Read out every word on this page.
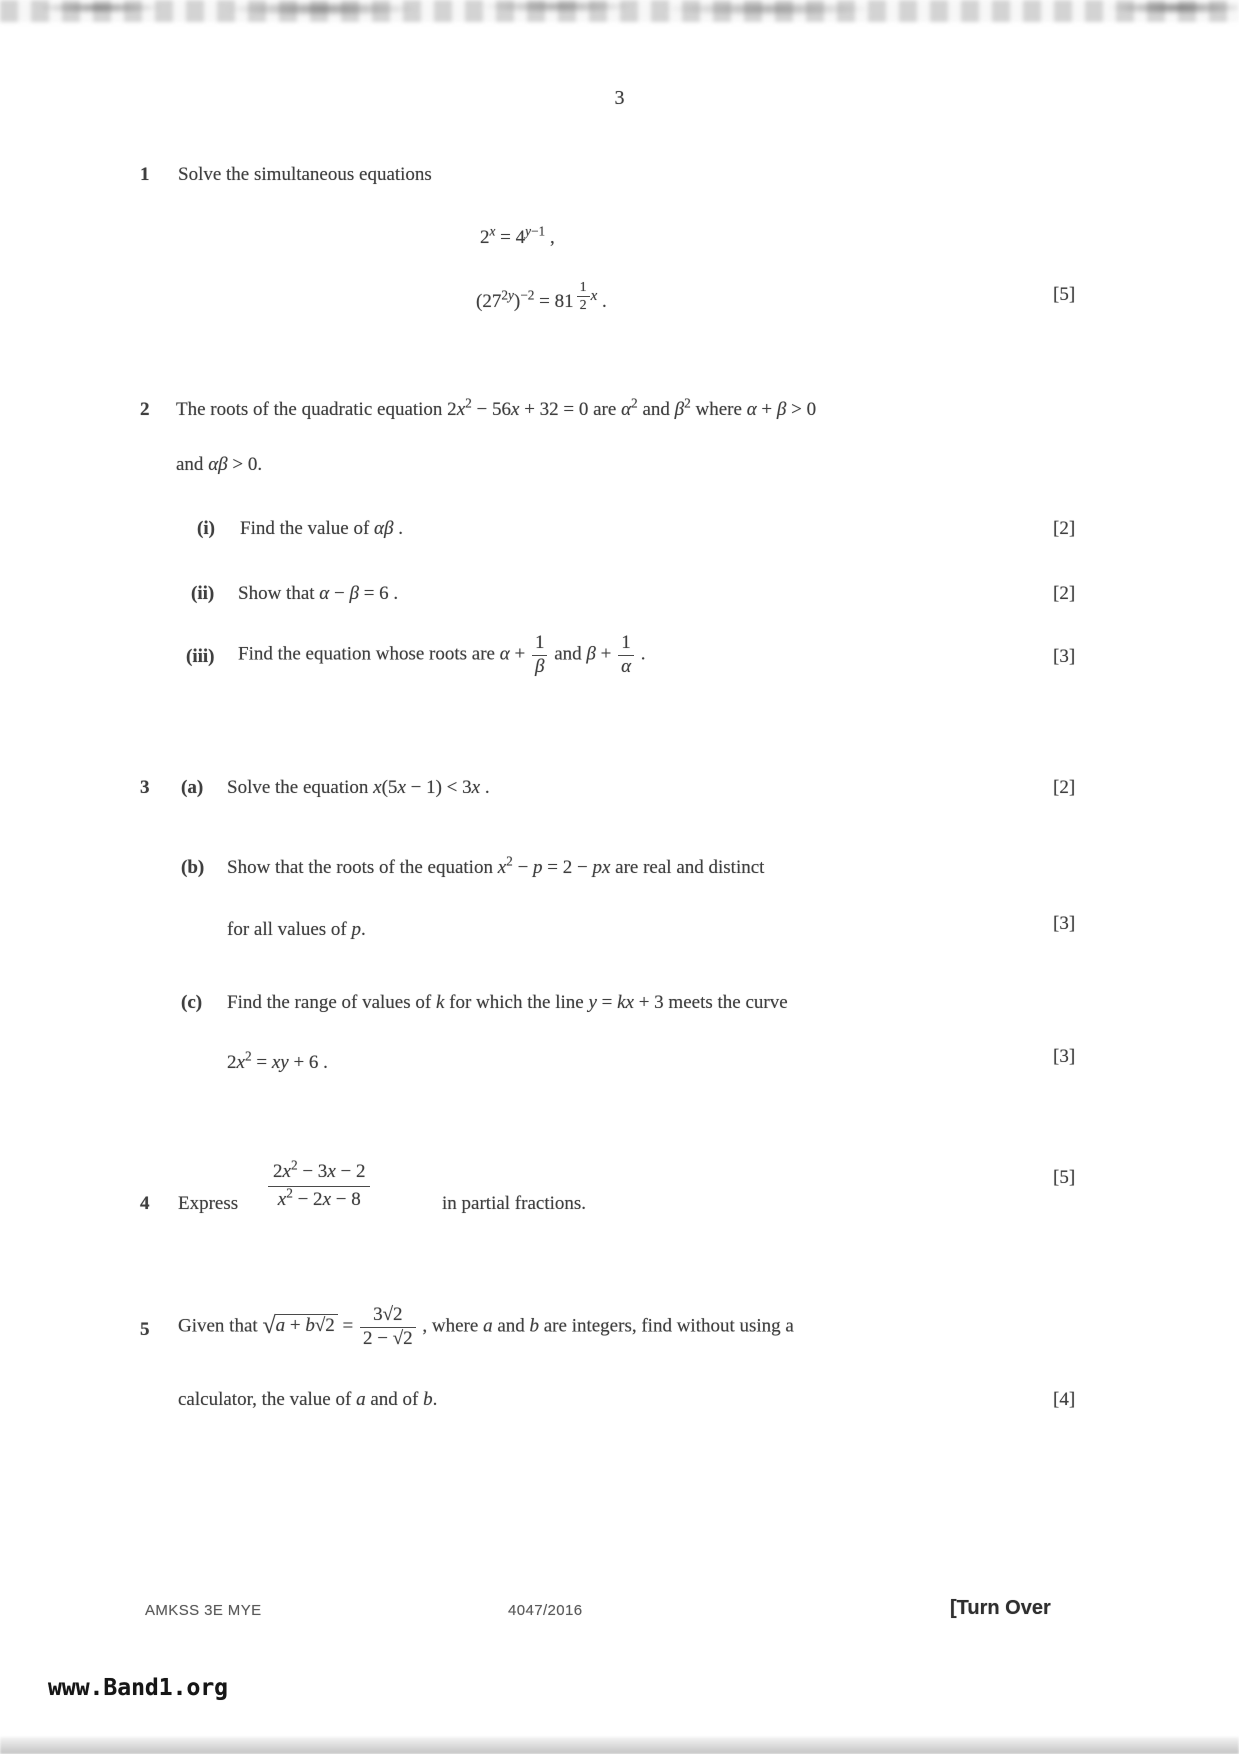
3
1 Solve the simultaneous equations
$2^x = 4^{y-1}$ ,
$(27^{2y})^{-2} = 81 \frac{1}{2}$ x .	[5]
2 The roots of the quadratic equation $2x^2 - 56x + 32 = 0$ are $\alpha^2$ and $\beta^2$ where α + β > 0
and αβ > 0.
(i) Find the value of αβ .	[2]
(ii) Show that α − β = 6 .	[2]
(iii) Find the equation whose roots are $\alpha + \frac{1}{\beta}$ and $\beta + \frac{1}{\alpha}$ .	[3]
3 (a) Solve the equation x(5x − 1) < 3x .	[2]
(b) Show that the roots of the equation $x^2 - p = 2$ − px are real and distinct
for all values of p.	[3]
(c) Find the range of values of k for which the line y = kx + 3 meets the curve
$2x^2$ = xy + 6 .	[3]
4 Express $\frac{2x^2 - 3x - 2}{x^2 - 2x - 8}$	in partial fractions.
[5]
5 Given that $√a + b√2 = \frac{3√2}{2 - √2}$ , where a and b are integers, find without using a
calculator, the value of a and of b.	[4]
AMKSS 3E MYE	4047/2016	[Turn Over
www.Band1.org
